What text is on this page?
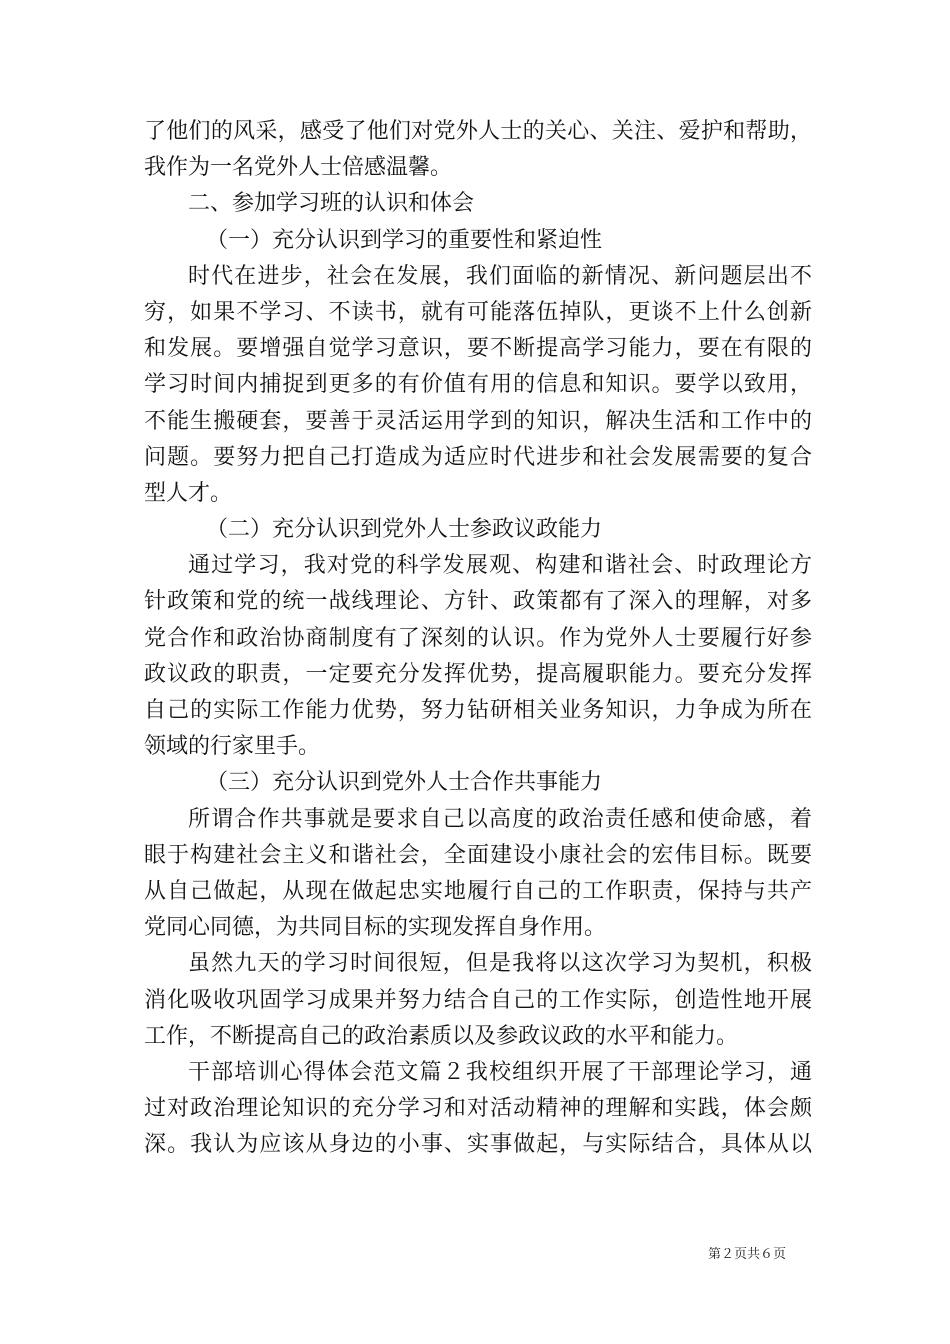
了他们的风采，感受了他们对党外人士的关心、关注、爱护和帮助，
我作为一名党外人士倍感温馨。
二、参加学习班的认识和体会
（一）充分认识到学习的重要性和紧迫性
时代在进步，社会在发展，我们面临的新情况、新问题层出不
穷，如果不学习、不读书，就有可能落伍掉队，更谈不上什么创新
和发展。要增强自觉学习意识，要不断提高学习能力，要在有限的
学习时间内捕捉到更多的有价值有用的信息和知识。要学以致用，
不能生搬硬套，要善于灵活运用学到的知识，解决生活和工作中的
问题。要努力把自己打造成为适应时代进步和社会发展需要的复合
型人才。
（二）充分认识到党外人士参政议政能力
通过学习，我对党的科学发展观、构建和谐社会、时政理论方
针政策和党的统一战线理论、方针、政策都有了深入的理解，对多
党合作和政治协商制度有了深刻的认识。作为党外人士要履行好参
政议政的职责，一定要充分发挥优势，提高履职能力。要充分发挥
自己的实际工作能力优势，努力钻研相关业务知识，力争成为所在
领域的行家里手。
（三）充分认识到党外人士合作共事能力
所谓合作共事就是要求自己以高度的政治责任感和使命感，着
眼于构建社会主义和谐社会，全面建设小康社会的宏伟目标。既要
从自己做起，从现在做起忠实地履行自己的工作职责，保持与共产
党同心同德，为共同目标的实现发挥自身作用。
虽然九天的学习时间很短，但是我将以这次学习为契机，积极
消化吸收巩固学习成果并努力结合自己的工作实际，创造性地开展
工作，不断提高自己的政治素质以及参政议政的水平和能力。
干部培训心得体会范文篇２我校组织开展了干部理论学习，通
过对政治理论知识的充分学习和对活动精神的理解和实践，体会颇
深。我认为应该从身边的小事、实事做起，与实际结合，具体从以
第２页共６页
